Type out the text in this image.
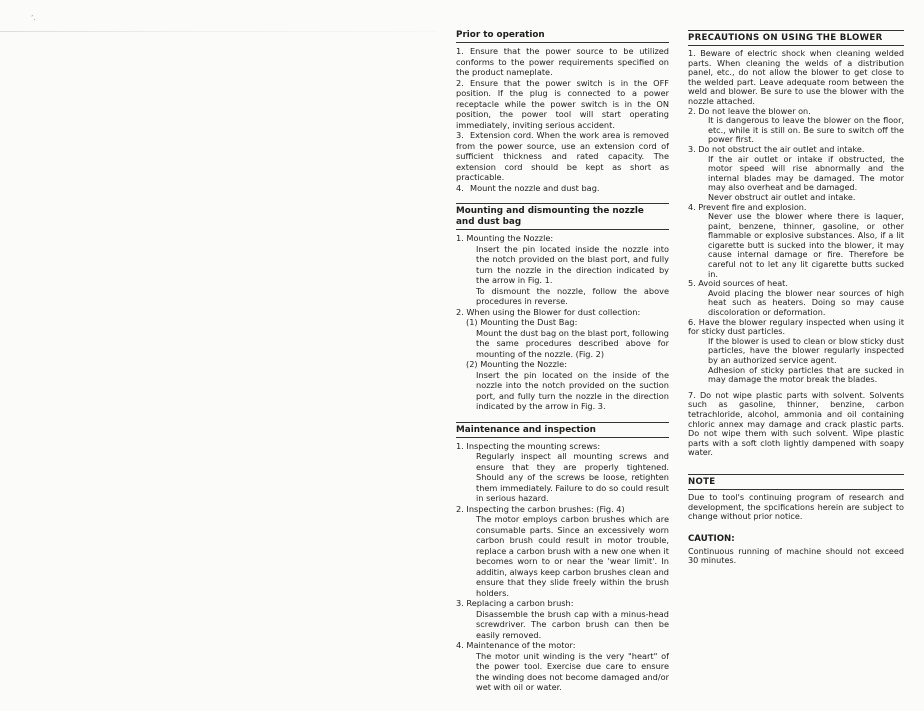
’․
Prior to operation
1. Ensure that the power source to be utilized conforms to the power requirements specified on the product nameplate.
2. Ensure that the power switch is in the OFF position. If the plug is connected to a power receptacle while the power switch is in the ON position, the power tool will start operating immediately, inviting serious accident.
3. Extension cord. When the work area is removed from the power source, use an extension cord of sufficient thickness and rated capacity. The extension cord should be kept as short as practicable.
4. Mount the nozzle and dust bag.
Mounting and dismounting the nozzle
and dust bag
1. Mounting the Nozzle:
Insert the pin located inside the nozzle into the notch provided on the blast port, and fully turn the nozzle in the direction indicated by the arrow in Fig. 1.
To dismount the nozzle, follow the above procedures in reverse.
2. When using the Blower for dust collection:
(1) Mounting the Dust Bag:
Mount the dust bag on the blast port, following the same procedures described above for mounting of the nozzle. (Fig. 2)
(2) Mounting the Nozzle:
Insert the pin located on the inside of the nozzle into the notch provided on the suction port, and fully turn the nozzle in the direction indicated by the arrow in Fig. 3.
Maintenance and inspection
1. Inspecting the mounting screws:
Regularly inspect all mounting screws and ensure that they are properly tightened. Should any of the screws be loose, retighten them immediately. Failure to do so could result in serious hazard.
2. Inspecting the carbon brushes: (Fig. 4)
The motor employs carbon brushes which are consumable parts. Since an excessively worn carbon brush could result in motor trouble, replace a carbon brush with a new one when it becomes worn to or near the 'wear limit'. In additin, always keep carbon brushes clean and ensure that they slide freely within the brush holders.
3. Replacing a carbon brush:
Disassemble the brush cap with a minus-head screwdriver. The carbon brush can then be easily removed.
4. Maintenance of the motor:
The motor unit winding is the very "heart" of the power tool. Exercise due care to ensure the winding does not become damaged and/or wet with oil or water.
PRECAUTIONS ON USING THE BLOWER
1. Beware of electric shock when cleaning welded parts. When cleaning the welds of a distribution panel, etc., do not allow the blower to get close to the welded part. Leave adequate room between the weld and blower. Be sure to use the blower with the nozzle attached.
2. Do not leave the blower on.
It is dangerous to leave the blower on the floor, etc., while it is still on. Be sure to switch off the power first.
3. Do not obstruct the air outlet and intake.
If the air outlet or intake if obstructed, the motor speed will rise abnormally and the internal blades may be damaged. The motor may also overheat and be damaged.
Never obstruct air outlet and intake.
4. Prevent fire and explosion.
Never use the blower where there is laquer, paint, benzene, thinner, gasoline, or other flammable or explosive substances. Also, if a lit cigarette butt is sucked into the blower, it may cause internal damage or fire. Therefore be careful not to let any lit cigarette butts sucked in.
5. Avoid sources of heat.
Avoid placing the blower near sources of high heat such as heaters. Doing so may cause discoloration or deformation.
6. Have the blower regulary inspected when using it for sticky dust particles.
If the blower is used to clean or blow sticky dust particles, have the blower regularly inspected by an authorized service agent.
Adhesion of sticky particles that are sucked in may damage the motor break the blades.
7. Do not wipe plastic parts with solvent. Solvents such as gasoline, thinner, benzine, carbon tetrachloride, alcohol, ammonia and oil containing chloric annex may damage and crack plastic parts. Do not wipe them with such solvent. Wipe plastic parts with a soft cloth lightly dampened with soapy water.
NOTE
Due to tool's continuing program of research and development, the spcifications herein are subject to change without prior notice.
CAUTION:
Continuous running of machine should not exceed 30 minutes.
